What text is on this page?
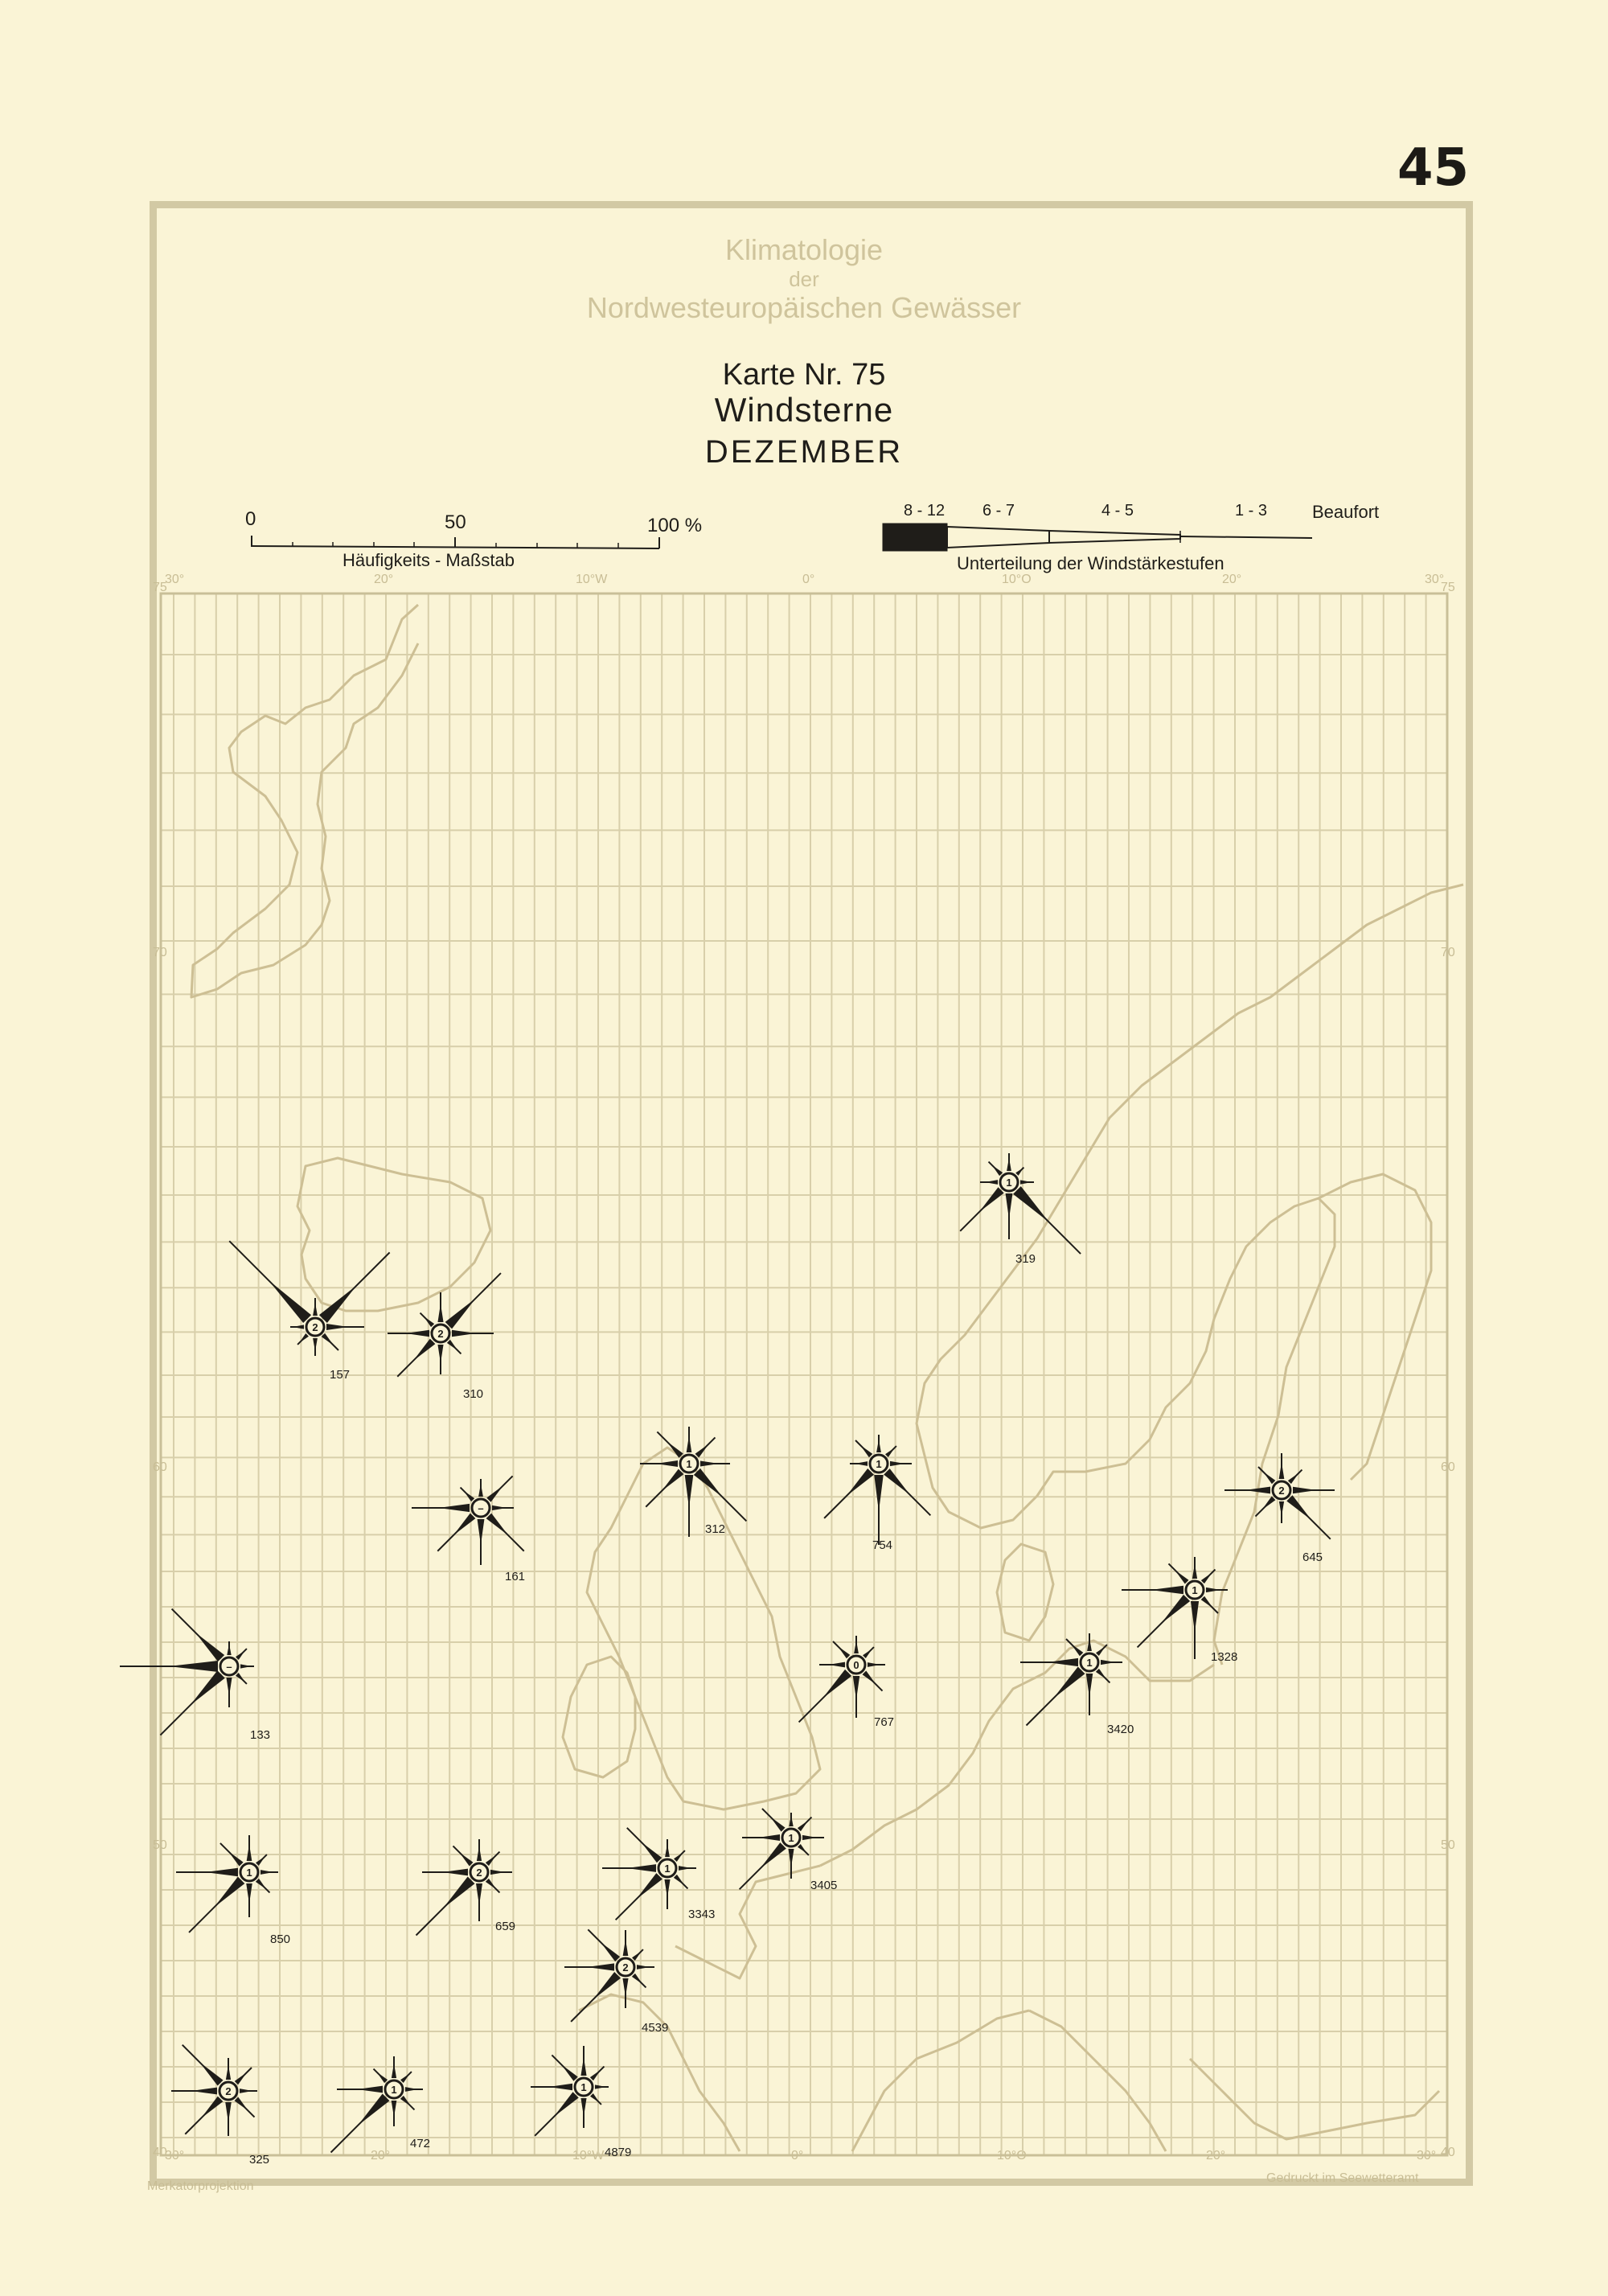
45
Klimatologie
der
Nordwesteuropäischen Gewässer
Karte Nr. 75
Windsterne
DEZEMBER
0	50	100 %
Häufigkeits - Maßstab
8 - 12 6 - 7	4 - 5	1 - 3	Beaufort
Unterteilung der Windstärkestufen
30°	20°	10°W	0°	10°O	20°	30°
30°	20°	10°W	0°	10°O	20°	30°
75
70
60
50
40
75
70
60
50
40
Merkatorprojektion
Gedruckt im Seewetteramt
1
319
2
157
2
310
1
312
1
754
2
645
–
161
1
1328
–
133
0
767
1
3420
1
3405
1
850
2
659
1
3343
2
4539
2
325
1
472
1
4879
